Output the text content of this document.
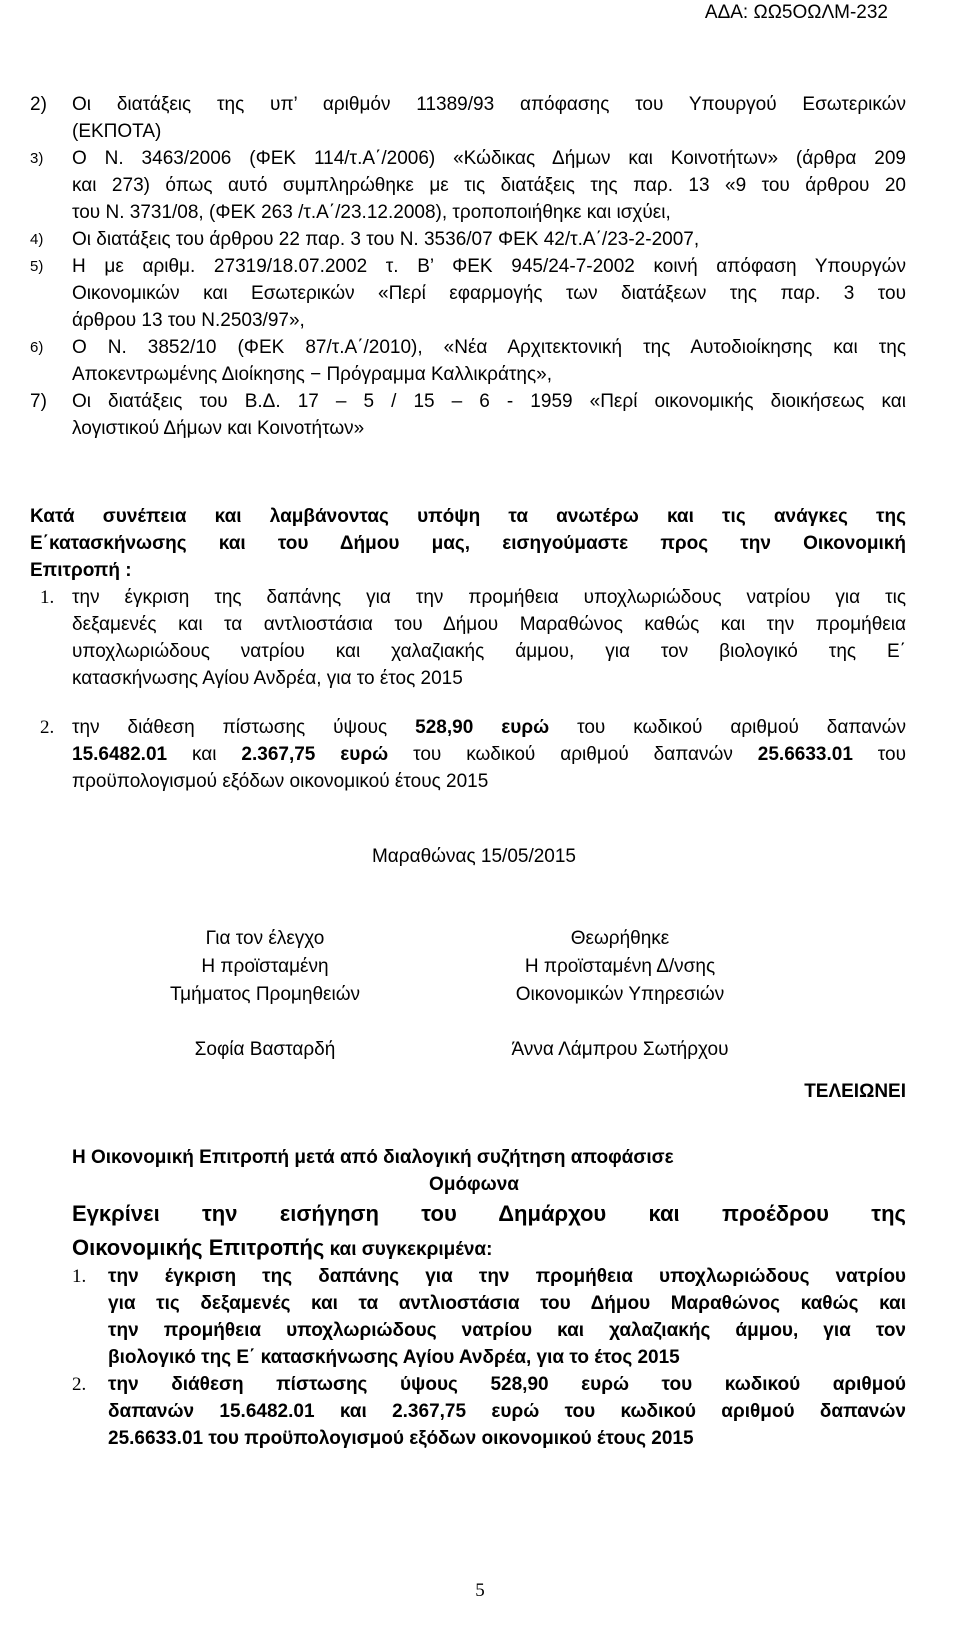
ΑΔΑ: ΩΩ5ΟΩΛΜ-232
2) Οι διατάξεις της υπ’ αριθμόν 11389/93 απόφασης του Υπουργού Εσωτερικών

(ΕΚΠΟΤΑ)

3) Ο Ν. 3463/2006 (ΦΕΚ 114/τ.Α΄/2006) «Κώδικας Δήμων και Κοινοτήτων» (άρθρα 209

και 273) όπως αυτό συμπληρώθηκε με τις διατάξεις της παρ. 13 «9 του άρθρου 20

του Ν. 3731/08, (ΦΕΚ 263 /τ.Α΄/23.12.2008), τροποποιήθηκε και ισχύει,

4) Οι διατάξεις του άρθρου 22 παρ. 3 του Ν. 3536/07 ΦΕΚ 42/τ.Α΄/23-2-2007,

5) Η με αριθμ. 27319/18.07.2002 τ. Β’ ΦΕΚ 945/24-7-2002 κοινή απόφαση Υπουργών

Οικονομικών και Εσωτερικών «Περί εφαρμογής των διατάξεων της παρ. 3 του

άρθρου 13 του Ν.2503/97»,

6) Ο Ν. 3852/10 (ΦΕΚ 87/τ.Α΄/2010), «Νέα Αρχιτεκτονική της Αυτοδιοίκησης και της

Αποκεντρωμένης Διοίκησης − Πρόγραμμα Καλλικράτης»,

7) Οι διατάξεις του Β.Δ. 17 – 5 / 15 – 6 - 1959 «Περί οικονομικής διοικήσεως και

λογιστικού Δήμων και Κοινοτήτων»

Κατά συνέπεια και λαμβάνοντας υπόψη τα ανωτέρω και τις ανάγκες της

Ε΄κατασκήνωσης και του Δήμου μας, εισηγούμαστε προς την Οικονομική

Επιτροπή :

1. την έγκριση της δαπάνης για την προμήθεια υποχλωριώδους νατρίου για τις

δεξαμενές και τα αντλιοστάσια του Δήμου Μαραθώνος καθώς και την προμήθεια

υποχλωριώδους νατρίου και χαλαζιακής άμμου, για τον βιολογικό της Ε΄

κατασκήνωσης Αγίου Ανδρέα, για το έτος 2015

2. την διάθεση πίστωσης ύψους 528,90 ευρώ του κωδικού αριθμού δαπανών

15.6482.01 και 2.367,75 ευρώ του κωδικού αριθμού δαπανών 25.6633.01 του

προϋπολογισμού εξόδων οικονομικού έτους 2015

Μαραθώνας 15/05/2015
Για τον έλεγχο
Η προϊσταμένη
Τμήματος Προμηθειών
Σοφία Βασταρδή
Θεωρήθηκε
Η προϊσταμένη Δ/νσης
Οικονομικών Υπηρεσιών
Άννα Λάμπρου Σωτήρχου
ΤΕΛΕΙΩΝΕΙ

Η Οικονομική Επιτροπή μετά από διαλογική συζήτηση αποφάσισε

Ομόφωνα

Εγκρίνει την εισήγηση του Δημάρχου και προέδρου της

Οικονομικής Επιτροπής και συγκεκριμένα:

1. την έγκριση της δαπάνης για την προμήθεια υποχλωριώδους νατρίου

για τις δεξαμενές και τα αντλιοστάσια του Δήμου Μαραθώνος καθώς και

την προμήθεια υποχλωριώδους νατρίου και χαλαζιακής άμμου, για τον

βιολογικό της Ε΄ κατασκήνωσης Αγίου Ανδρέα, για το έτος 2015

2. την διάθεση πίστωσης ύψους 528,90 ευρώ του κωδικού αριθμού

δαπανών 15.6482.01 και 2.367,75 ευρώ του κωδικού αριθμού δαπανών

25.6633.01 του προϋπολογισμού εξόδων οικονομικού έτους 2015

5
